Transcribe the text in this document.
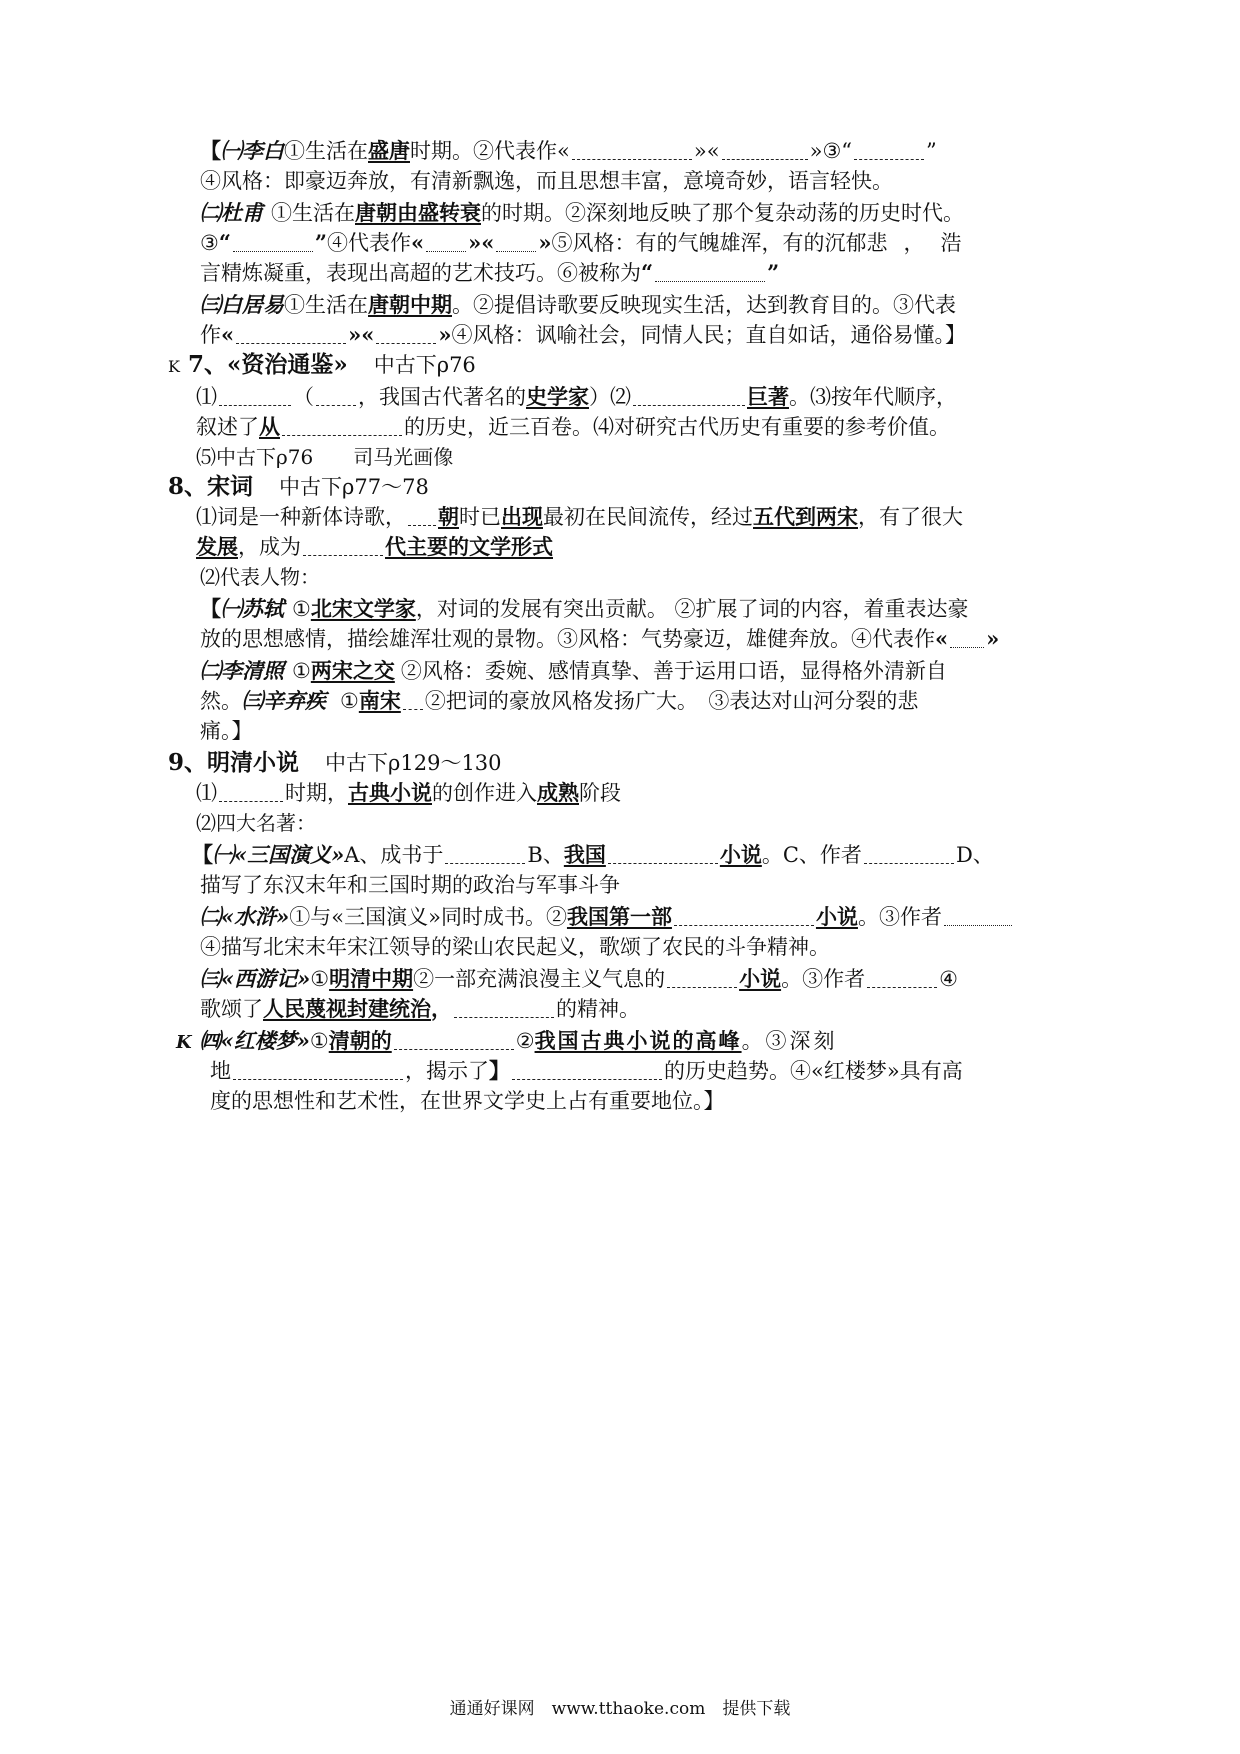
【㈠李白①生活在盛唐时期。②代表作«	»«	»③“	”
④风格：即豪迈奔放，有清新飘逸，而且思想丰富，意境奇妙，语言轻快。
㈡杜甫 ①生活在唐朝由盛转衰的时期。②深刻地反映了那个复杂动荡的历史时代。
③“	”④代表作« »« »⑤风格：有的气魄雄浑，有的沉郁悲 ， 浩
言精炼凝重，表现出高超的艺术技巧。⑥被称为“	”
㈢白居易①生活在唐朝中期。②提倡诗歌要反映现实生活，达到教育目的。③代表
作«	»«	»④风格：讽喻社会，同情人民；直自如话，通俗易懂。】
K 7、«资治通鉴» 中古下ρ76
⑴	（ ，我国古代著名的史学家）⑵	巨著。⑶按年代顺序，
叙述了从	的历史，近三百卷。⑷对研究古代历史有重要的参考价值。
⑸中古下ρ76　　司马光画像
8、宋词 中古下ρ77～78
⑴词是一种新体诗歌， 朝时已出现最初在民间流传，经过五代到两宋，有了很大
发展，成为	代主要的文学形式
⑵代表人物：
【㈠苏轼 ①北宋文学家，对词的发展有突出贡献。 ②扩展了词的内容，着重表达豪
放的思想感情，描绘雄浑壮观的景物。③风格：气势豪迈，雄健奔放。④代表作« »
㈡李清照 ①两宋之交 ②风格：委婉、感情真挚、善于运用口语，显得格外清新自
然。㈢辛弃疾 ①南宋 ②把词的豪放风格发扬广大。　③表达对山河分裂的悲
痛。】
9、明清小说 中古下ρ129～130
⑴	时期，古典小说的创作进入成熟阶段
⑵四大名著：
【㈠«三国演义»A、成书于	B、我国	小说。C、作者	D、
描写了东汉末年和三国时期的政治与军事斗争
㈡«水浒»①与«三国演义»同时成书。②我国第一部	小说。③作者
④描写北宋末年宋江领导的梁山农民起义，歌颂了农民的斗争精神。
㈢«西游记»①明清中期②一部充满浪漫主义气息的	小说。③作者	④
歌颂了人民蔑视封建统治，	的精神。
K ㈣«红楼梦»①清朝的	②我国古典小说的高峰。③深刻
地	，揭示了】	的历史趋势。④«红楼梦»具有高
度的思想性和艺术性，在世界文学史上占有重要地位。】
通通好课网　www.tthaoke.com　提供下载
